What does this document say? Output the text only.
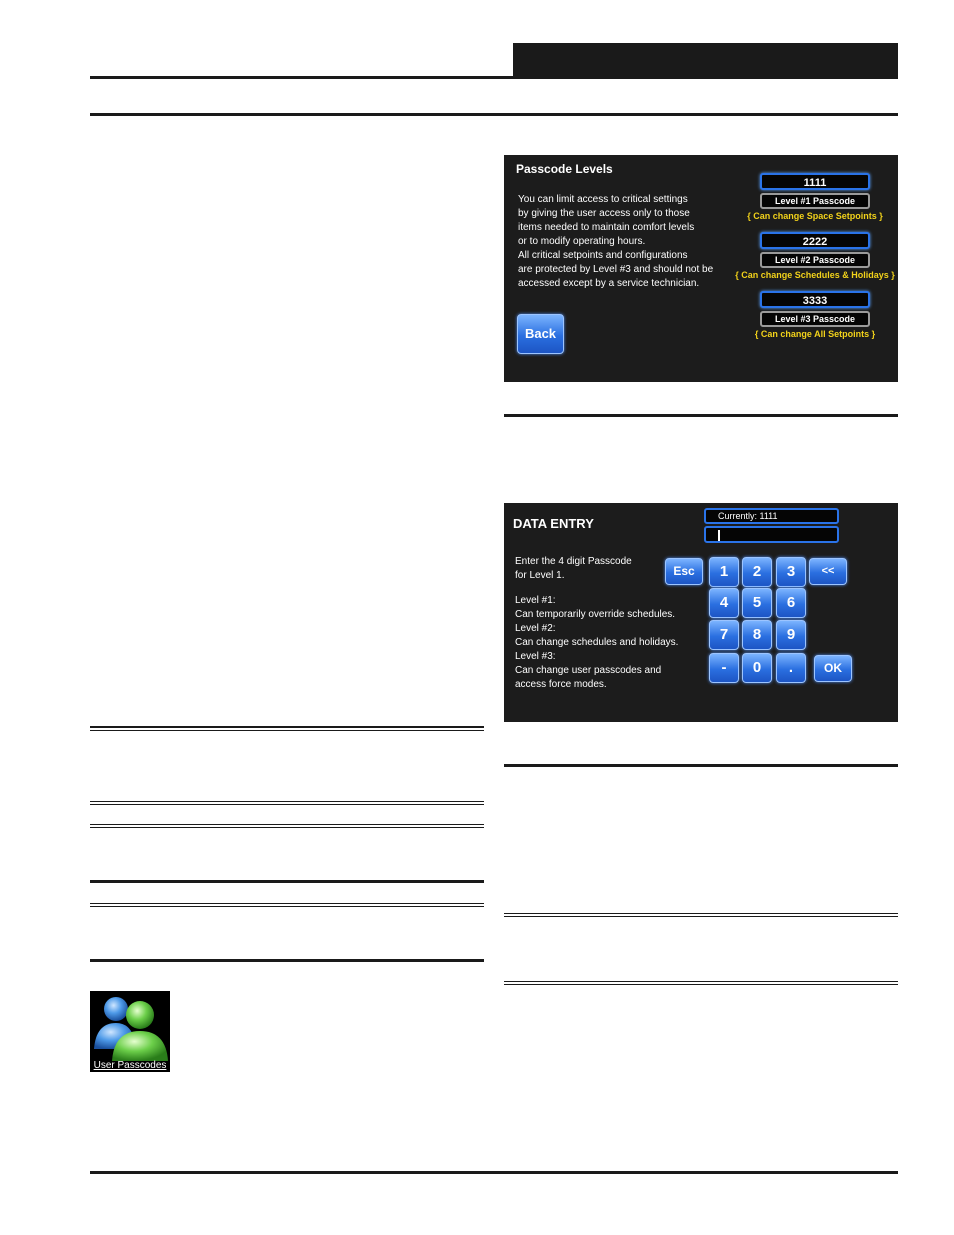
Passcode Levels
You can limit access to critical settings
by giving the user access only to those
items needed to maintain comfort levels
or to modify operating hours.
All critical setpoints and configurations
are protected by Level #3 and should not be
accessed except by a service technician.
Back
1111
Level #1 Passcode
{ Can change Space Setpoints }
2222
Level #2 Passcode
{ Can change Schedules & Holidays }
3333
Level #3 Passcode
{ Can change All Setpoints }
DATA ENTRY	Currently: 1111
Enter the 4 digit Passcode
for Level 1.
Level #1:
Can temporarily override schedules.
Level #2:
Can change schedules and holidays.
Level #3:
Can change user passcodes and
access force modes.
Esc	1	2	3	<<
4	5	6
7	8	9
-	0	.	OK
User Passcodes
